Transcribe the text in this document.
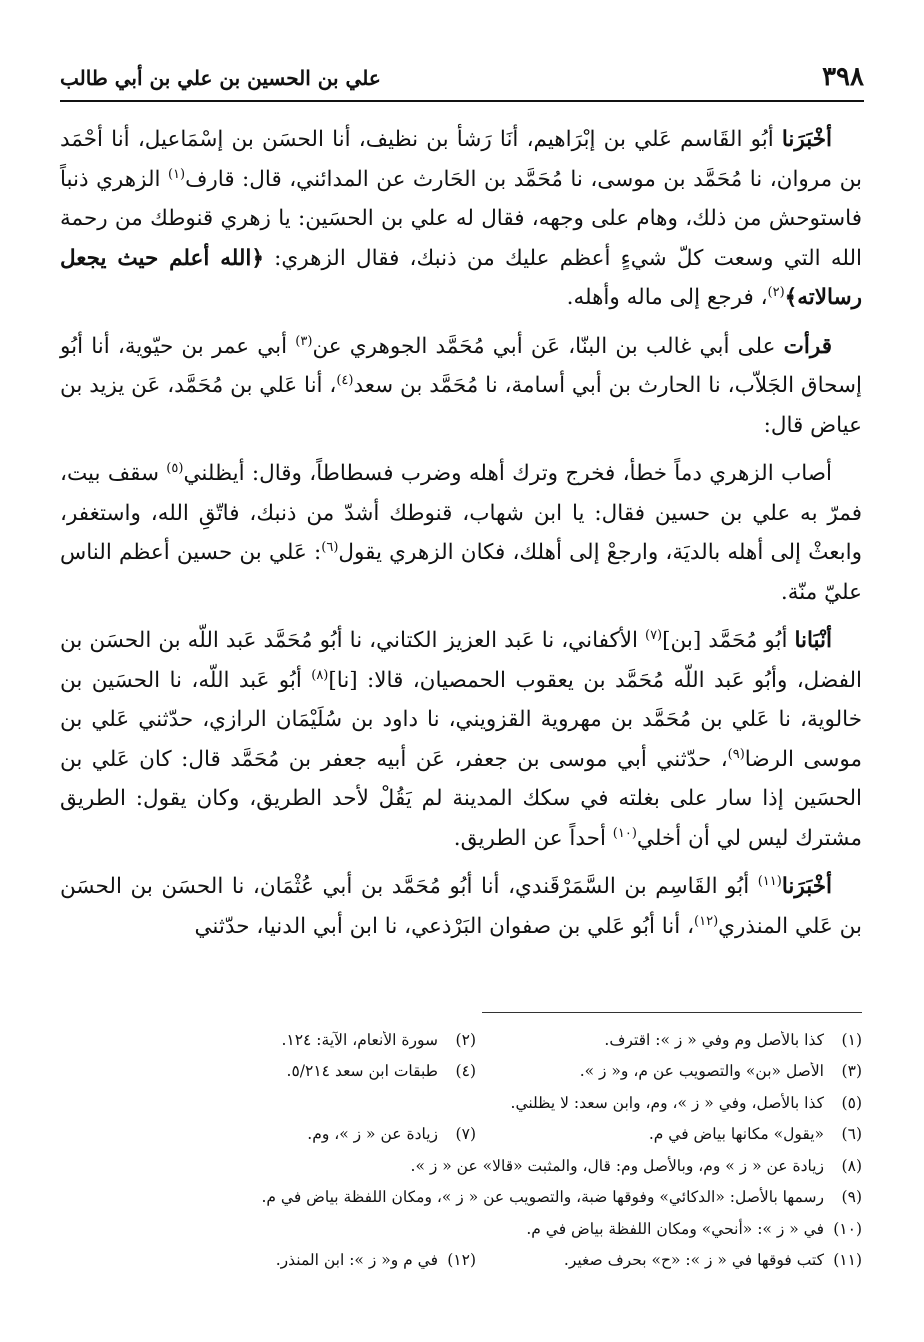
٣٩٨
علي بن الحسين بن علي بن أبي طالب

أخْبَرَنا أبُو القَاسم عَلي بن إبْرَاهيم، أنَا رَشأ بن نظيف، أنا الحسَن بن إسْمَاعيل، أنا أحْمَد بن مروان، نا مُحَمَّد بن موسى، نا مُحَمَّد بن الحَارث عن المدائني، قال: قارف$^{(١)}$ الزهري ذنباً فاستوحش من ذلك، وهام على وجهه، فقال له علي بن الحسَين: يا زهري قنوطك من رحمة الله التي وسعت كلّ شيءٍ أعظم عليك من ذنبك، فقال الزهري: ﴿الله أعلم حيث يجعل رسالاته﴾$^{(٢)}$، فرجع إلى ماله وأهله.

قرأت على أبي غالب بن البنّا، عَن أبي مُحَمَّد الجوهري عن$^{(٣)}$ أبي عمر بن حيّوية، أنا أبُو إسحاق الجَلاّب، نا الحارث بن أبي أسامة، نا مُحَمَّد بن سعد$^{(٤)}$، أنا عَلي بن مُحَمَّد، عَن يزيد بن عياض قال:

أصاب الزهري دماً خطأ، فخرج وترك أهله وضرب فسطاطاً، وقال: أيظلني$^{(٥)}$ سقف بيت، فمرّ به علي بن حسين فقال: يا ابن شهاب، قنوطك أشدّ من ذنبك، فاتّقِ الله، واستغفر، وابعثْ إلى أهله بالديَة، وارجعْ إلى أهلك، فكان الزهري يقول$^{(٦)}$: عَلي بن حسين أعظم الناس عليّ منّة.

أنْبَانا أبُو مُحَمَّد [بن]$^{(٧)}$ الأكفاني، نا عَبد العزيز الكتاني، نا أبُو مُحَمَّد عَبد اللّه بن الحسَن بن الفضل، وأبُو عَبد اللّه مُحَمَّد بن يعقوب الحمصيان، قالا: [نا]$^{(٨)}$ أبُو عَبد اللّه، نا الحسَين بن خالوية، نا عَلي بن مُحَمَّد بن مهروية القزويني، نا داود بن سُلَيْمَان الرازي، حدّثني عَلي بن موسى الرضا$^{(٩)}$، حدّثني أبي موسى بن جعفر، عَن أبيه جعفر بن مُحَمَّد قال: كان عَلي بن الحسَين إذا سار على بغلته في سكك المدينة لم يَقُلْ لأحد الطريق، وكان يقول: الطريق مشترك ليس لي أن أخلي$^{(١٠)}$ أحداً عن الطريق.

أخْبَرَنا$^{(١١)}$ أبُو القَاسِم بن السَّمَرْقَندي، أنا أبُو مُحَمَّد بن أبي عُثْمَان، نا الحسَن بن الحسَن بن عَلي المنذري$^{(١٢)}$، أنا أبُو عَلي بن صفوان البَرْذعي، نا ابن أبي الدنيا، حدّثني

(١)كذا بالأصل وم وفي « ز »: اقترف.
(٢)سورة الأنعام، الآية: ١٢٤.
(٣)الأصل «بن» والتصويب عن م، و« ز ».
(٤)طبقات ابن سعد ٥/٢١٤.
(٥)كذا بالأصل، وفي « ز »، وم، وابن سعد: لا يظلني.
(٦)«يقول» مكانها بياض في م.
(٧)زيادة عن « ز »، وم.
(٨)زيادة عن « ز » وم، وبالأصل وم: قال، والمثبت «قالا» عن « ز ».
(٩)رسمها بالأصل: «الدكائي» وفوقها ضبة، والتصويب عن « ز »، ومكان اللفظة بياض في م.
(١٠)في « ز »: «أنحي» ومكان اللفظة بياض في م.
(١١)كتب فوقها في « ز »: «ح» بحرف صغير.
(١٢)في م و« ز »: ابن المنذر.
